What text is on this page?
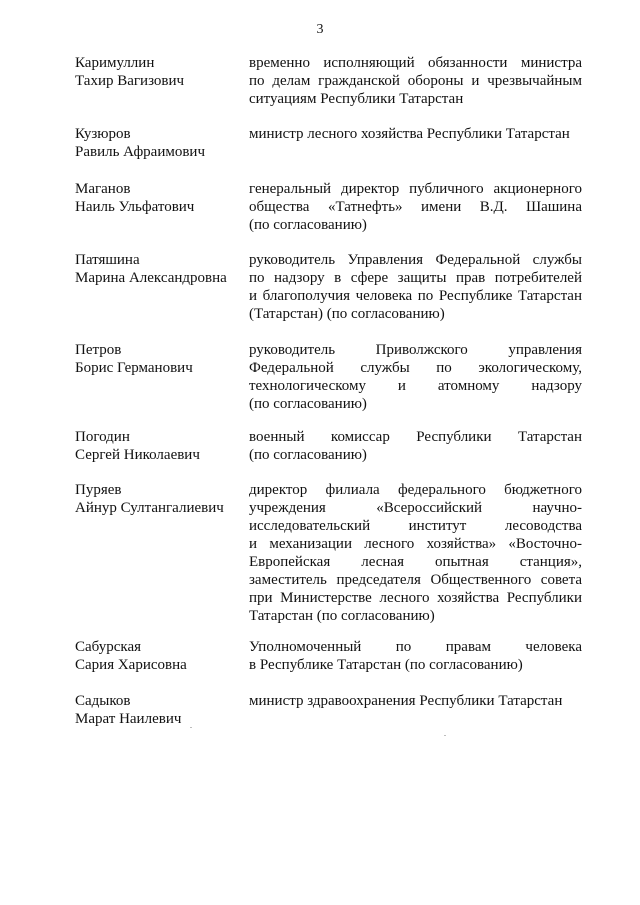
3
Каримуллин
Тахир Вагизович
временно исполняющий обязанности министра
по делам гражданской обороны и чрезвычайным
ситуациям Республики Татарстан
Кузюров
Равиль Афраимович
министр лесного хозяйства Республики Татарстан
Маганов
Наиль Ульфатович
генеральный директор публичного акционерного
общества «Татнефть» имени В.Д. Шашина
(по согласованию)
Патяшина
Марина Александровна
руководитель Управления Федеральной службы
по надзору в сфере защиты прав потребителей
и благополучия человека по Республике Татарстан
(Татарстан) (по согласованию)
Петров
Борис Германович
руководитель Приволжского управления
Федеральной службы по экологическому,
технологическому и атомному надзору
(по согласованию)
Погодин
Сергей Николаевич
военный комиссар Республики Татарстан
(по согласованию)
Пуряев
Айнур Султангалиевич
директор филиала федерального бюджетного
учреждения «Всероссийский научно-
исследовательский институт лесоводства
и механизации лесного хозяйства» «Восточно-
Европейская лесная опытная станция»,
заместитель председателя Общественного совета
при Министерстве лесного хозяйства Республики
Татарстан (по согласованию)
Сабурская
Сария Харисовна
Уполномоченный по правам человека
в Республике Татарстан (по согласованию)
Садыков
Марат Наилевич
министр здравоохранения Республики Татарстан
